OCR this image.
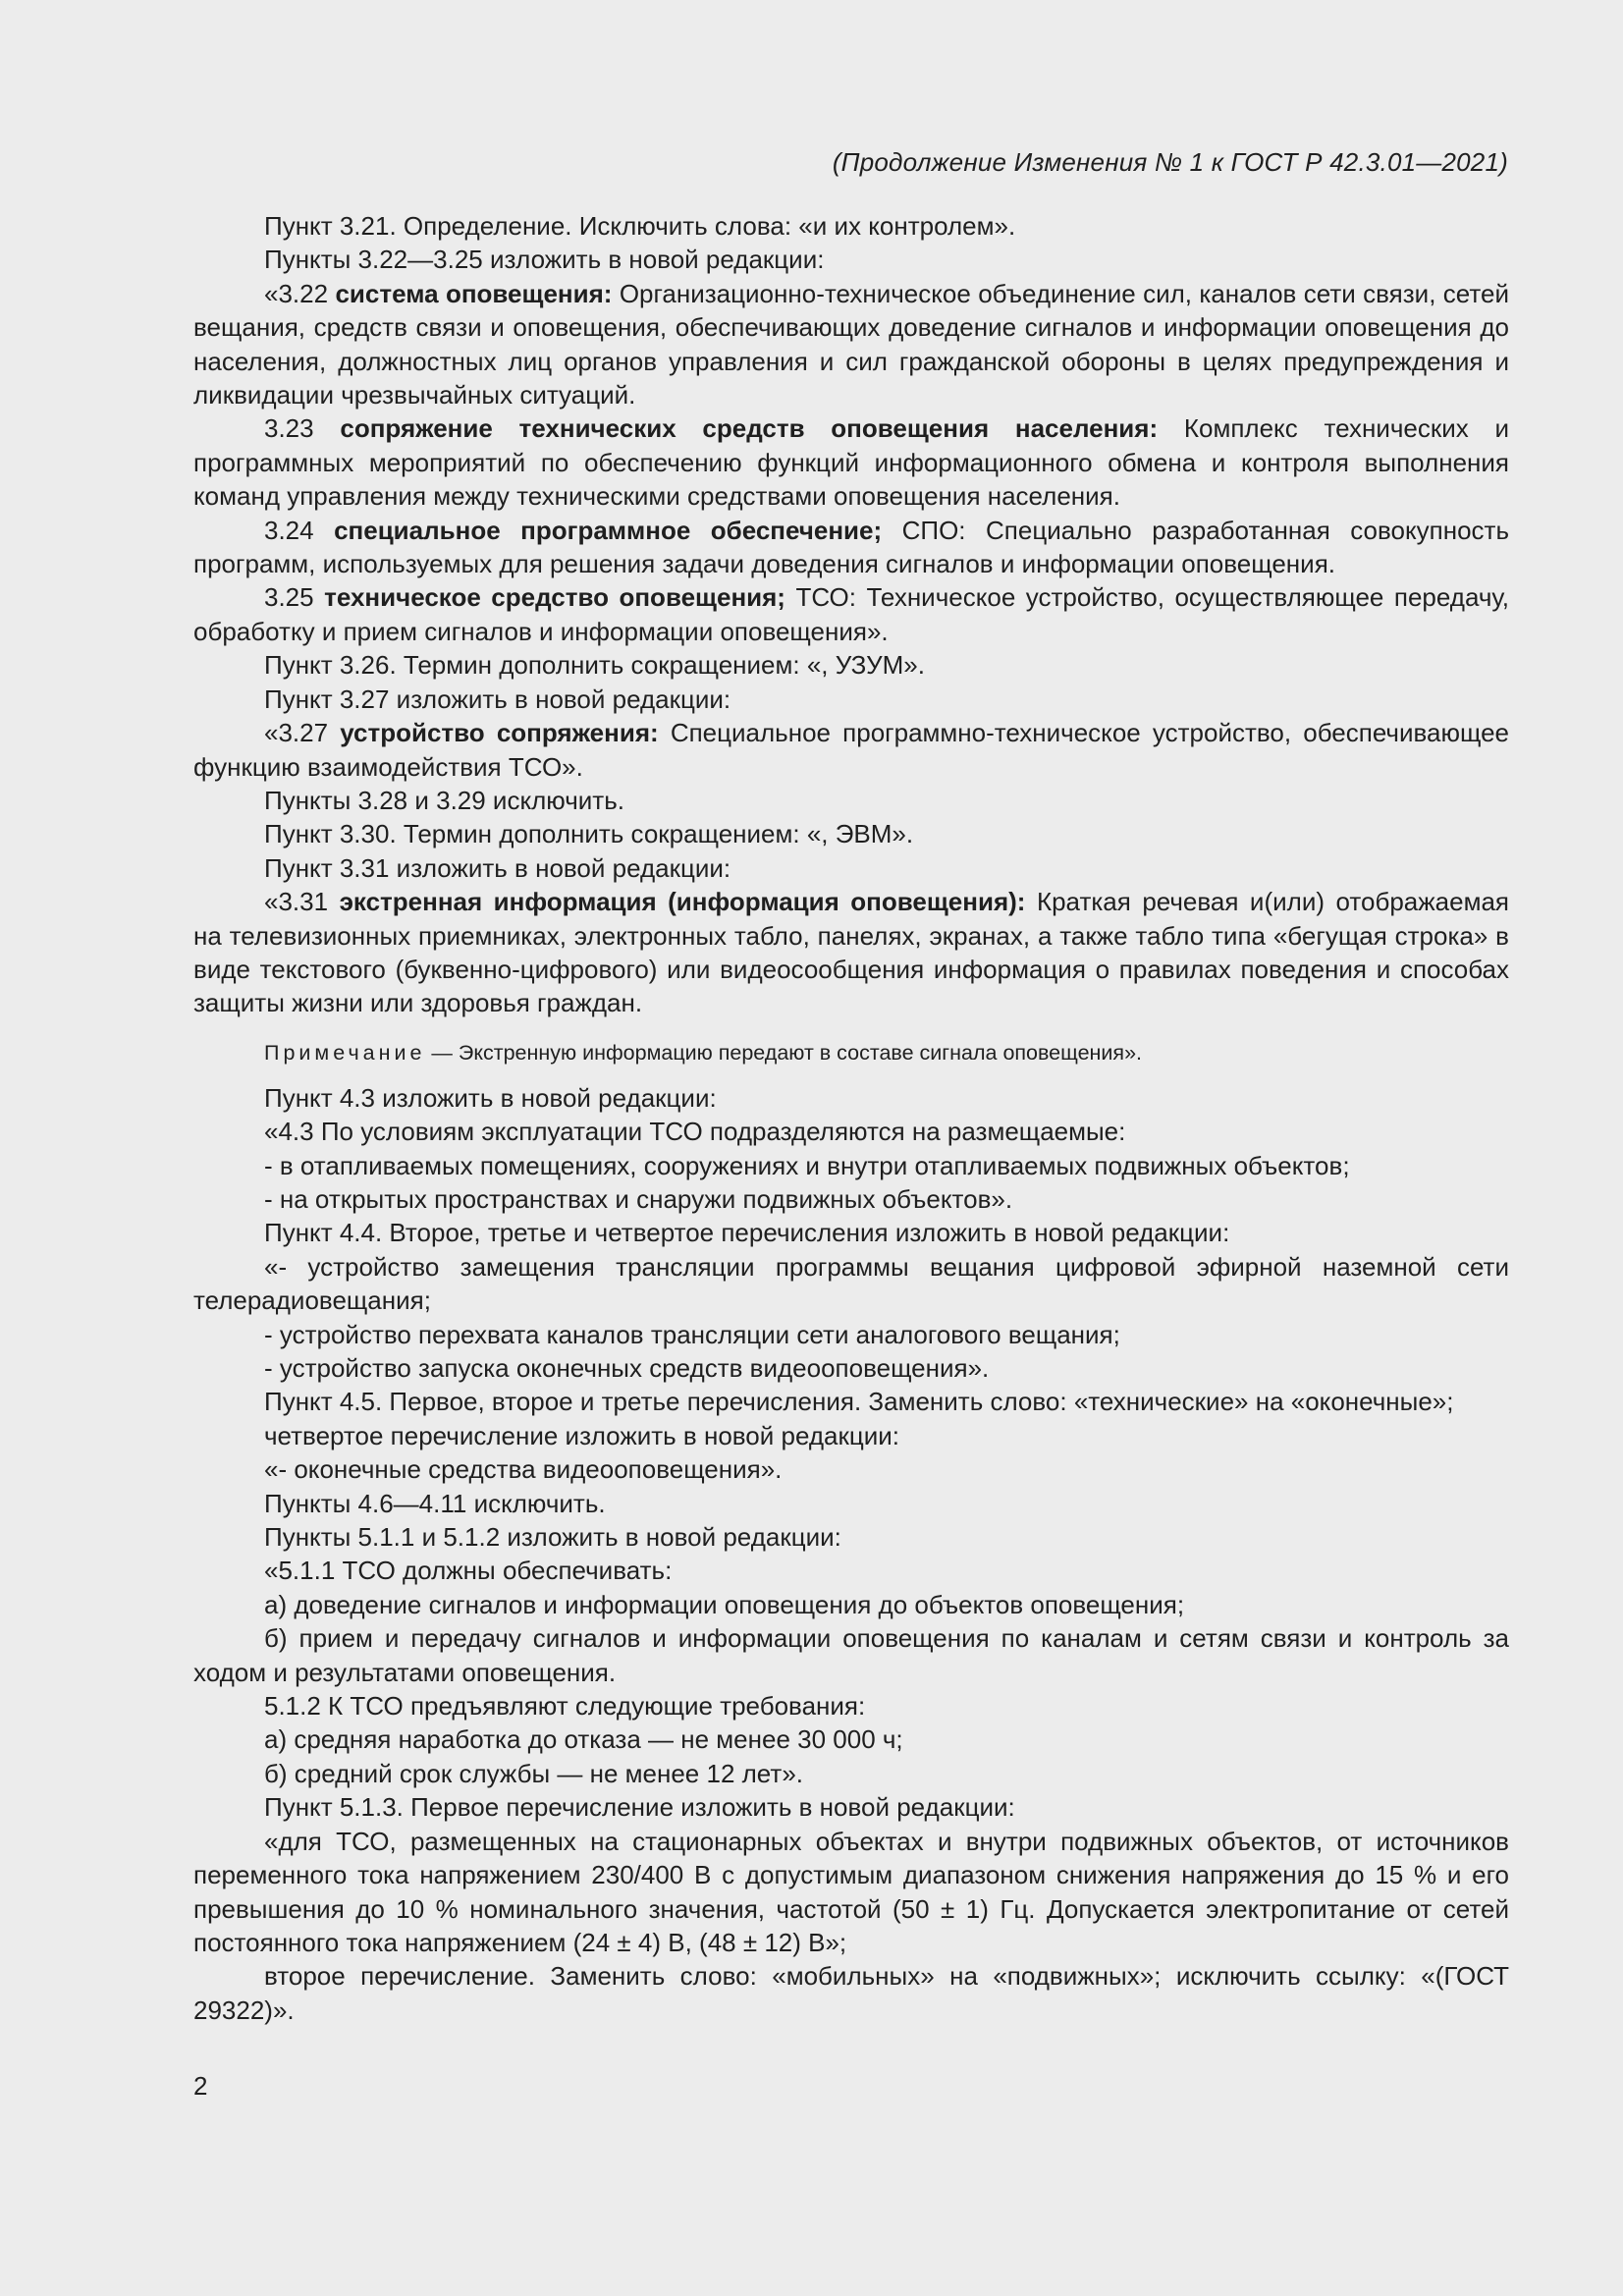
(Продолжение Изменения № 1 к ГОСТ Р 42.3.01—2021)

Пункт 3.21. Определение. Исключить слова: «и их контролем».

Пункты 3.22—3.25 изложить в новой редакции:

«3.22 система оповещения: Организационно-техническое объединение сил, каналов сети связи, сетей вещания, средств связи и оповещения, обеспечивающих доведение сигналов и информации оповещения до населения, должностных лиц органов управления и сил гражданской обороны в целях предупреждения и ликвидации чрезвычайных ситуаций.

3.23 сопряжение технических средств оповещения населения: Комплекс технических и программных мероприятий по обеспечению функций информационного обмена и контроля выполнения команд управления между техническими средствами оповещения населения.

3.24 специальное программное обеспечение; СПО: Специально разработанная совокупность программ, используемых для решения задачи доведения сигналов и информации оповещения.

3.25 техническое средство оповещения; ТСО: Техническое устройство, осуществляющее передачу, обработку и прием сигналов и информации оповещения».

Пункт 3.26. Термин дополнить сокращением: «, УЗУМ».

Пункт 3.27 изложить в новой редакции:

«3.27 устройство сопряжения: Специальное программно-техническое устройство, обеспечивающее функцию взаимодействия ТСО».

Пункты 3.28 и 3.29 исключить.

Пункт 3.30. Термин дополнить сокращением: «, ЭВМ».

Пункт 3.31 изложить в новой редакции:

«3.31 экстренная информация (информация оповещения): Краткая речевая и(или) отображаемая на телевизионных приемниках, электронных табло, панелях, экранах, а также табло типа «бегущая строка» в виде текстового (буквенно-цифрового) или видеосообщения информация о правилах поведения и способах защиты жизни или здоровья граждан.

Примечание — Экстренную информацию передают в составе сигнала оповещения».

Пункт 4.3 изложить в новой редакции:

«4.3 По условиям эксплуатации ТСО подразделяются на размещаемые:

- в отапливаемых помещениях, сооружениях и внутри отапливаемых подвижных объектов;

- на открытых пространствах и снаружи подвижных объектов».

Пункт 4.4. Второе, третье и четвертое перечисления изложить в новой редакции:

«- устройство замещения трансляции программы вещания цифровой эфирной наземной сети телерадиовещания;

- устройство перехвата каналов трансляции сети аналогового вещания;

- устройство запуска оконечных средств видеооповещения».

Пункт 4.5. Первое, второе и третье перечисления. Заменить слово: «технические» на «оконечные»;

четвертое перечисление изложить в новой редакции:

«- оконечные средства видеооповещения».

Пункты 4.6—4.11 исключить.

Пункты 5.1.1 и 5.1.2 изложить в новой редакции:

«5.1.1 ТСО должны обеспечивать:

а) доведение сигналов и информации оповещения до объектов оповещения;

б) прием и передачу сигналов и информации оповещения по каналам и сетям связи и контроль за ходом и результатами оповещения.

5.1.2 К ТСО предъявляют следующие требования:

а) средняя наработка до отказа — не менее 30 000 ч;

б) средний срок службы — не менее 12 лет».

Пункт 5.1.3. Первое перечисление изложить в новой редакции:

«для ТСО, размещенных на стационарных объектах и внутри подвижных объектов, от источников переменного тока напряжением 230/400 В с допустимым диапазоном снижения напряжения до 15 % и его превышения до 10 % номинального значения, частотой (50 ± 1) Гц. Допускается электропитание от сетей постоянного тока напряжением (24 ± 4) В, (48 ± 12) В»;

второе перечисление. Заменить слово: «мобильных» на «подвижных»; исключить ссылку: «(ГОСТ 29322)».

2
